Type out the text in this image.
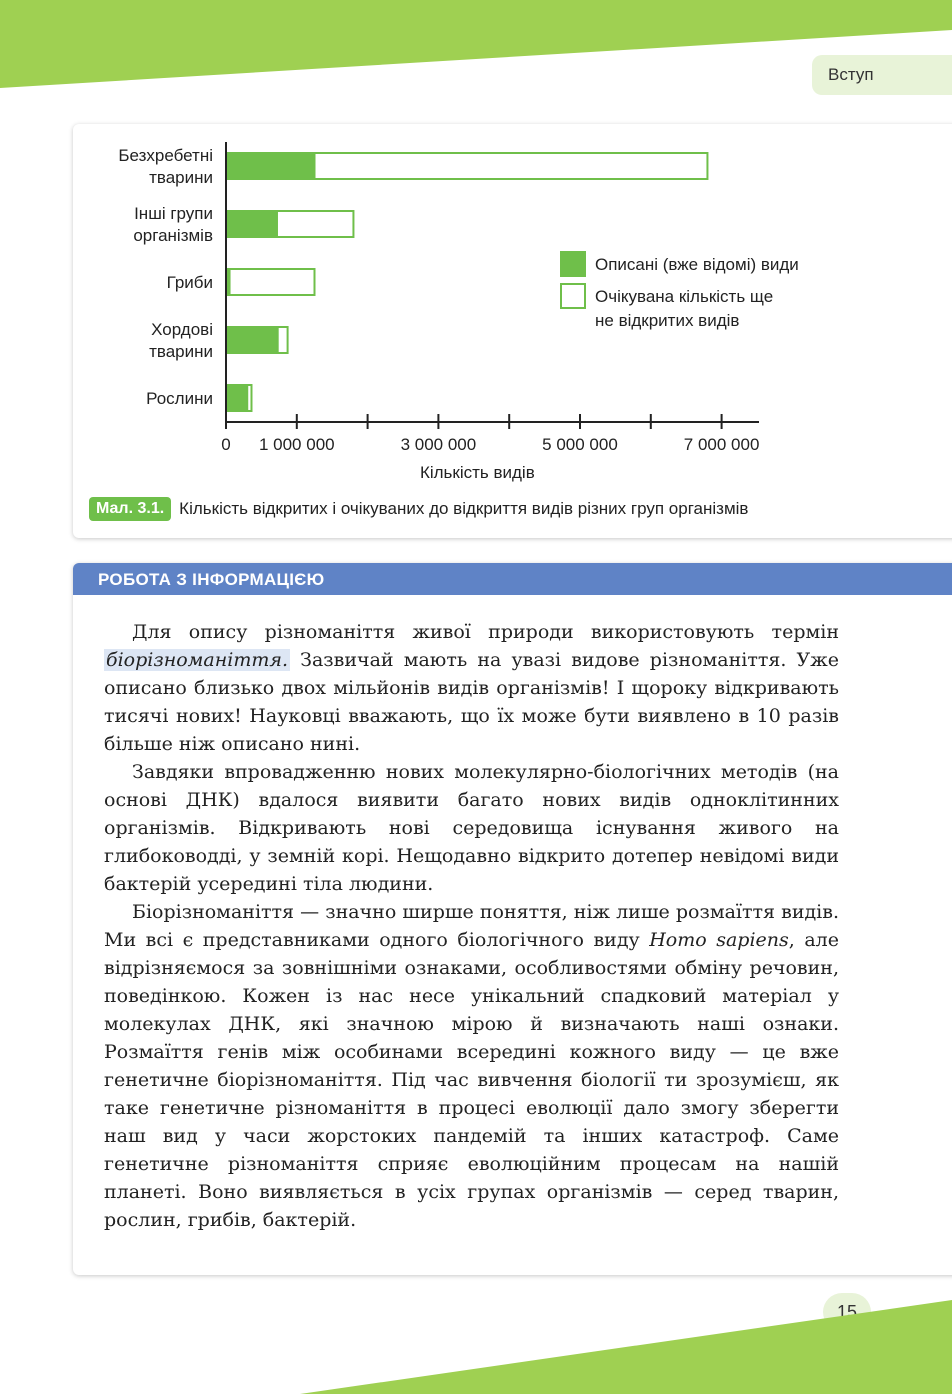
Вступ
Безхребетні
тварини
Інші групи
організмів
Гриби
Хордові
тварини
Рослини
0 1 000 000	3 000 000	5 000 000	7 000 000
Кількість видів
Описані (вже відомі) види
Очікувана кількість ще
не відкритих видів
Мал. 3.1. Кількість відкритих і очікуваних до відкриття видів різних груп організмів
РОБОТА З ІНФОРМАЦІЄЮ

Для опису різноманіття живої природи використовують термін біорізноманіття. Зазвичай мають на увазі видове різноманіття. Уже описано близько двох мільйонів видів організмів! І щороку відкривають тисячі нових! Науковці вважають, що їх може бути виявлено в 10 разів більше ніж описано нині.

Завдяки впровадженню нових молекулярно-біологічних методів (на основі ДНК) вдалося виявити багато нових видів одноклітинних організмів. Відкривають нові середовища існування живого на глибоководді, у земній корі. Нещодавно відкрито дотепер невідомі види бактерій усередині тіла людини.

Біорізноманіття — значно ширше поняття, ніж лише розмаїття видів. Ми всі є представниками одного біологічного виду Homo sapiens, але відрізняємося за зовнішніми ознаками, особливостями обміну речовин, поведінкою. Кожен із нас несе унікальний спадковий матеріал у молекулах ДНК, які значною мірою й визначають наші ознаки. Розмаїття генів між особинами всередині кожного виду — це вже генетичне біорізноманіття. Під час вивчення біології ти зрозумієш, як таке генетичне різноманіття в процесі еволюції дало змогу зберегти наш вид у часи жорстоких пандемій та інших катастроф. Саме генетичне різноманіття сприяє еволюційним процесам на нашій планеті. Воно виявляється в усіх групах організмів — серед тварин, рослин, грибів, бактерій.

15
